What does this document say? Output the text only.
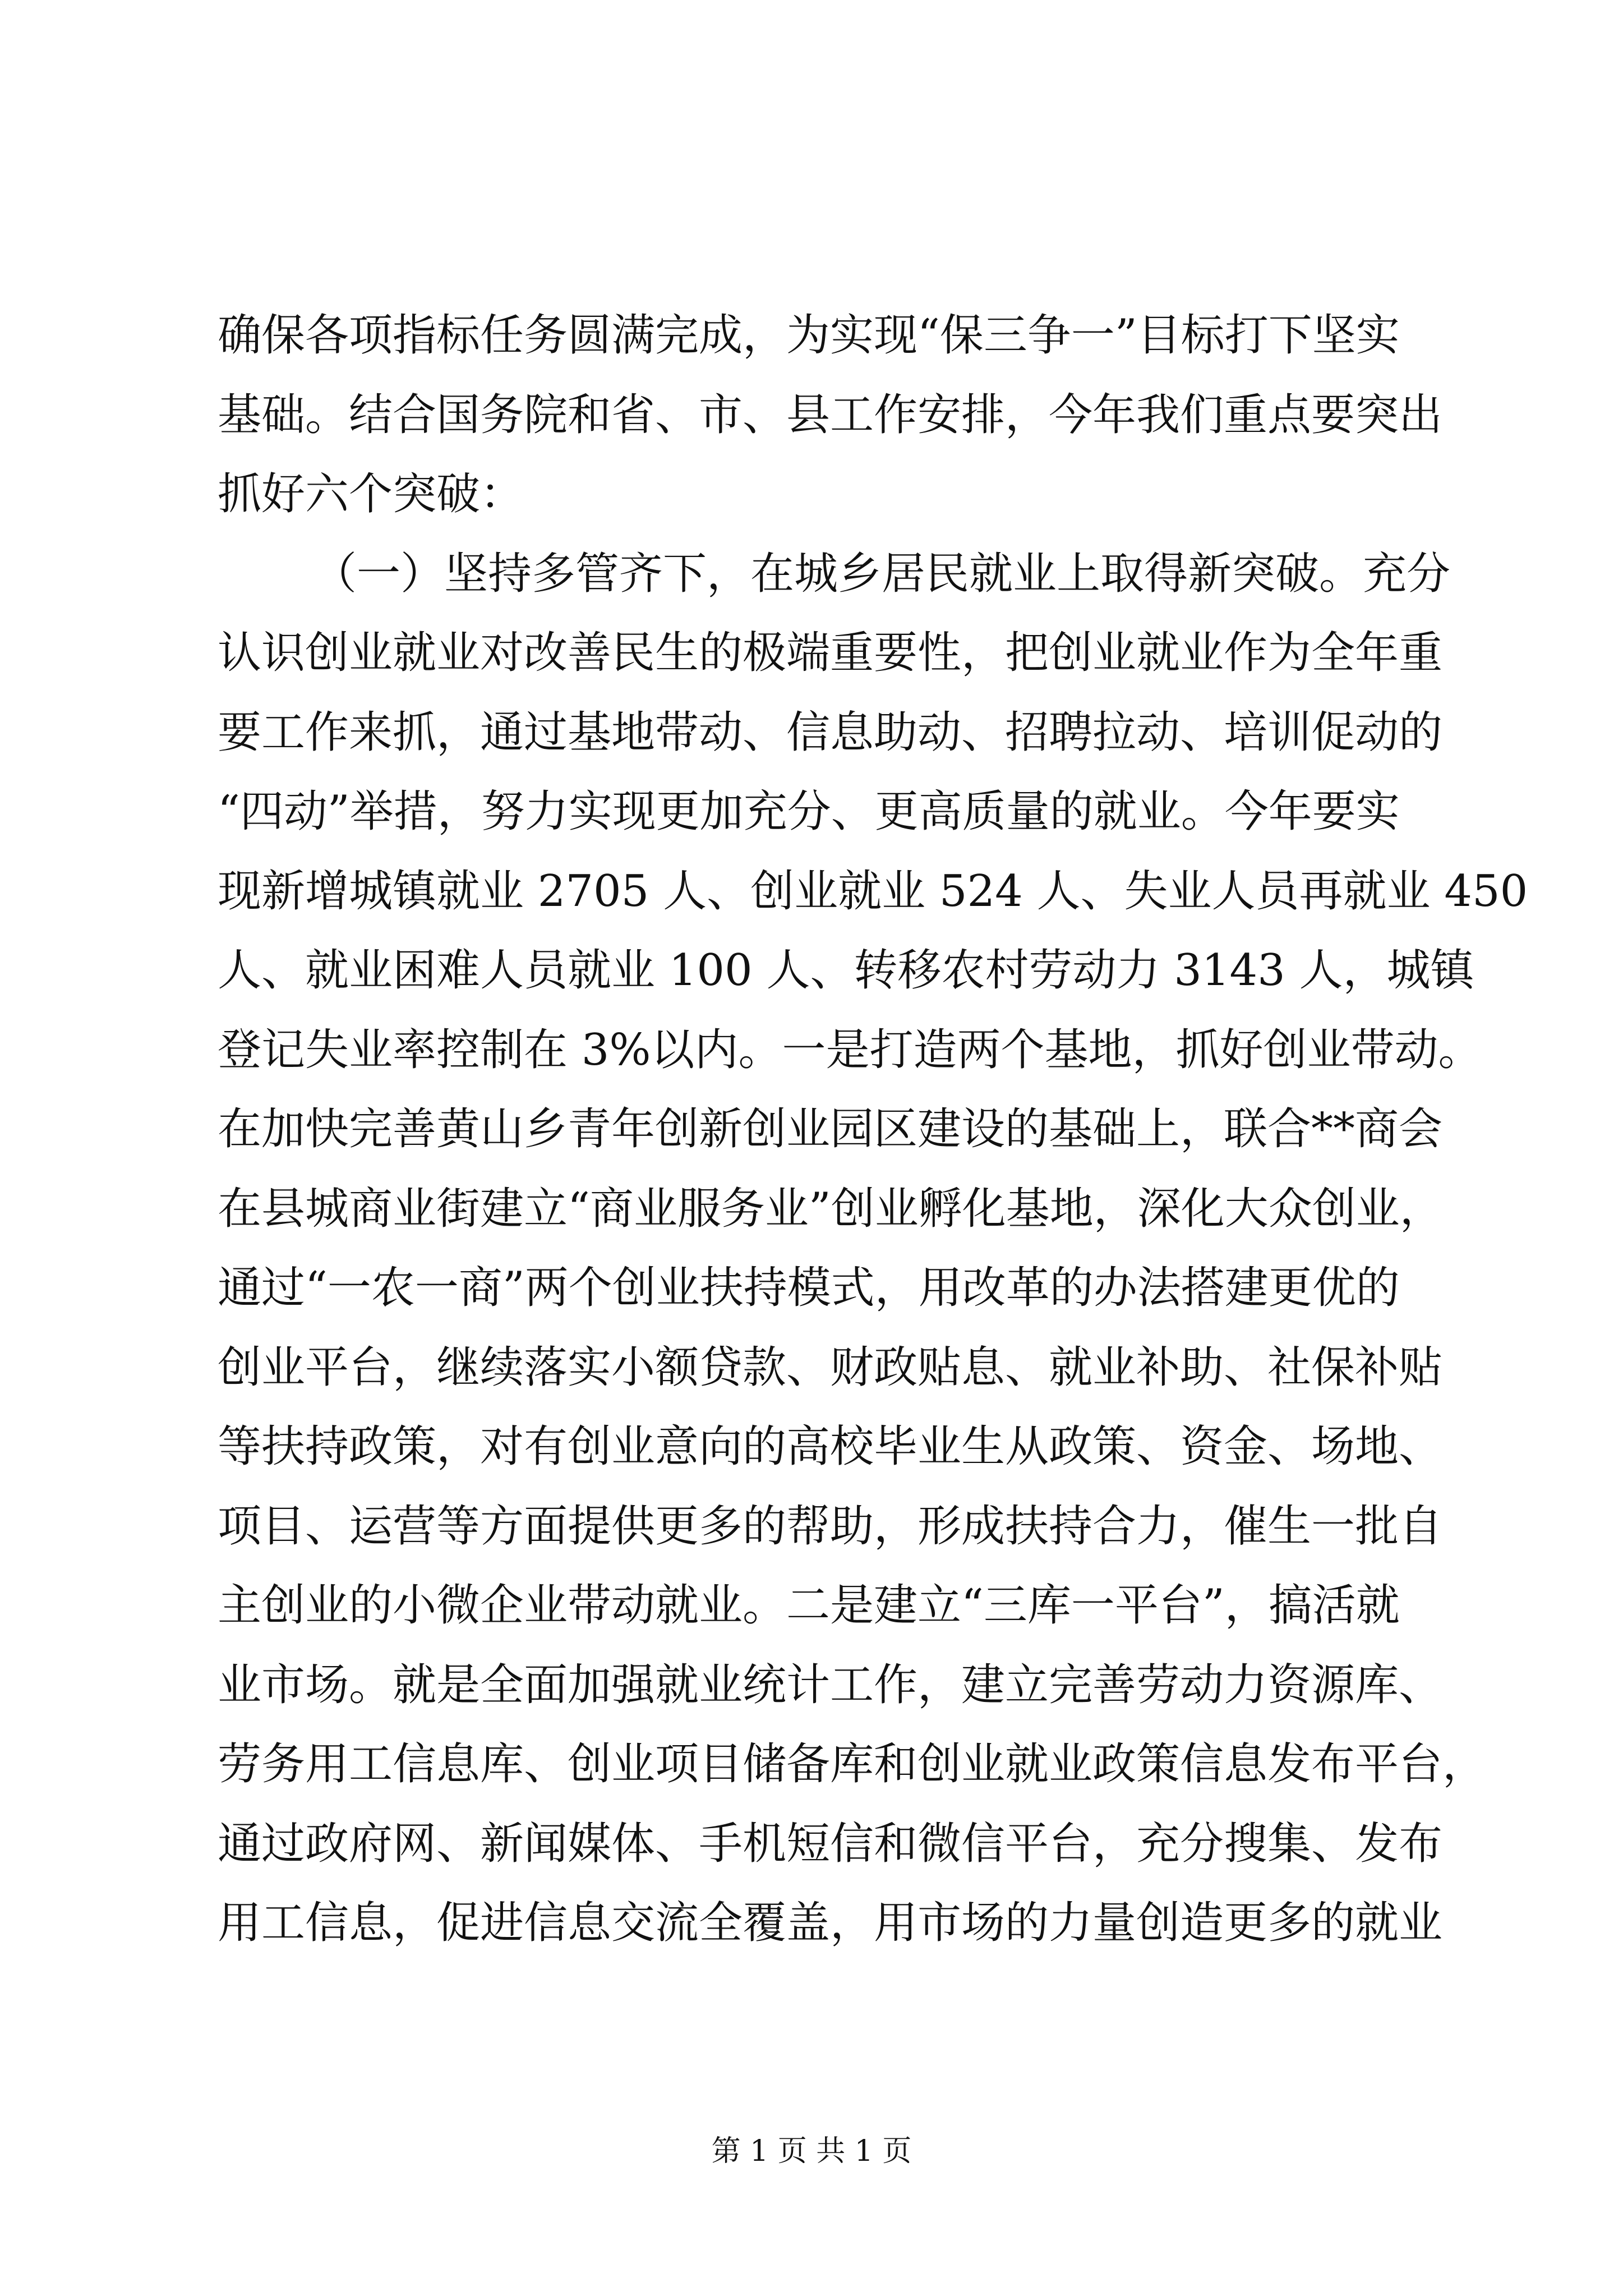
确保各项指标任务圆满完成，为实现“保三争一”目标打下坚实
基础。结合国务院和省、市、县工作安排，今年我们重点要突出
抓好六个突破：
（一）坚持多管齐下，在城乡居民就业上取得新突破。充分
认识创业就业对改善民生的极端重要性，把创业就业作为全年重
要工作来抓，通过基地带动、信息助动、招聘拉动、培训促动的
“四动”举措，努力实现更加充分、更高质量的就业。今年要实
现新增城镇就业 2705 人、创业就业 524 人、失业人员再就业 450
人、就业困难人员就业 100 人、转移农村劳动力 3143 人，城镇
登记失业率控制在 3%以内。一是打造两个基地，抓好创业带动。
在加快完善黄山乡青年创新创业园区建设的基础上，联合**商会
在县城商业街建立“商业服务业”创业孵化基地，深化大众创业，
通过“一农一商”两个创业扶持模式，用改革的办法搭建更优的
创业平台，继续落实小额贷款、财政贴息、就业补助、社保补贴
等扶持政策，对有创业意向的高校毕业生从政策、资金、场地、
项目、运营等方面提供更多的帮助，形成扶持合力，催生一批自
主创业的小微企业带动就业。二是建立“三库一平台”，搞活就
业市场。就是全面加强就业统计工作，建立完善劳动力资源库、
劳务用工信息库、创业项目储备库和创业就业政策信息发布平台，
通过政府网、新闻媒体、手机短信和微信平台，充分搜集、发布
用工信息，促进信息交流全覆盖，用市场的力量创造更多的就业
第 1 页 共 1 页
